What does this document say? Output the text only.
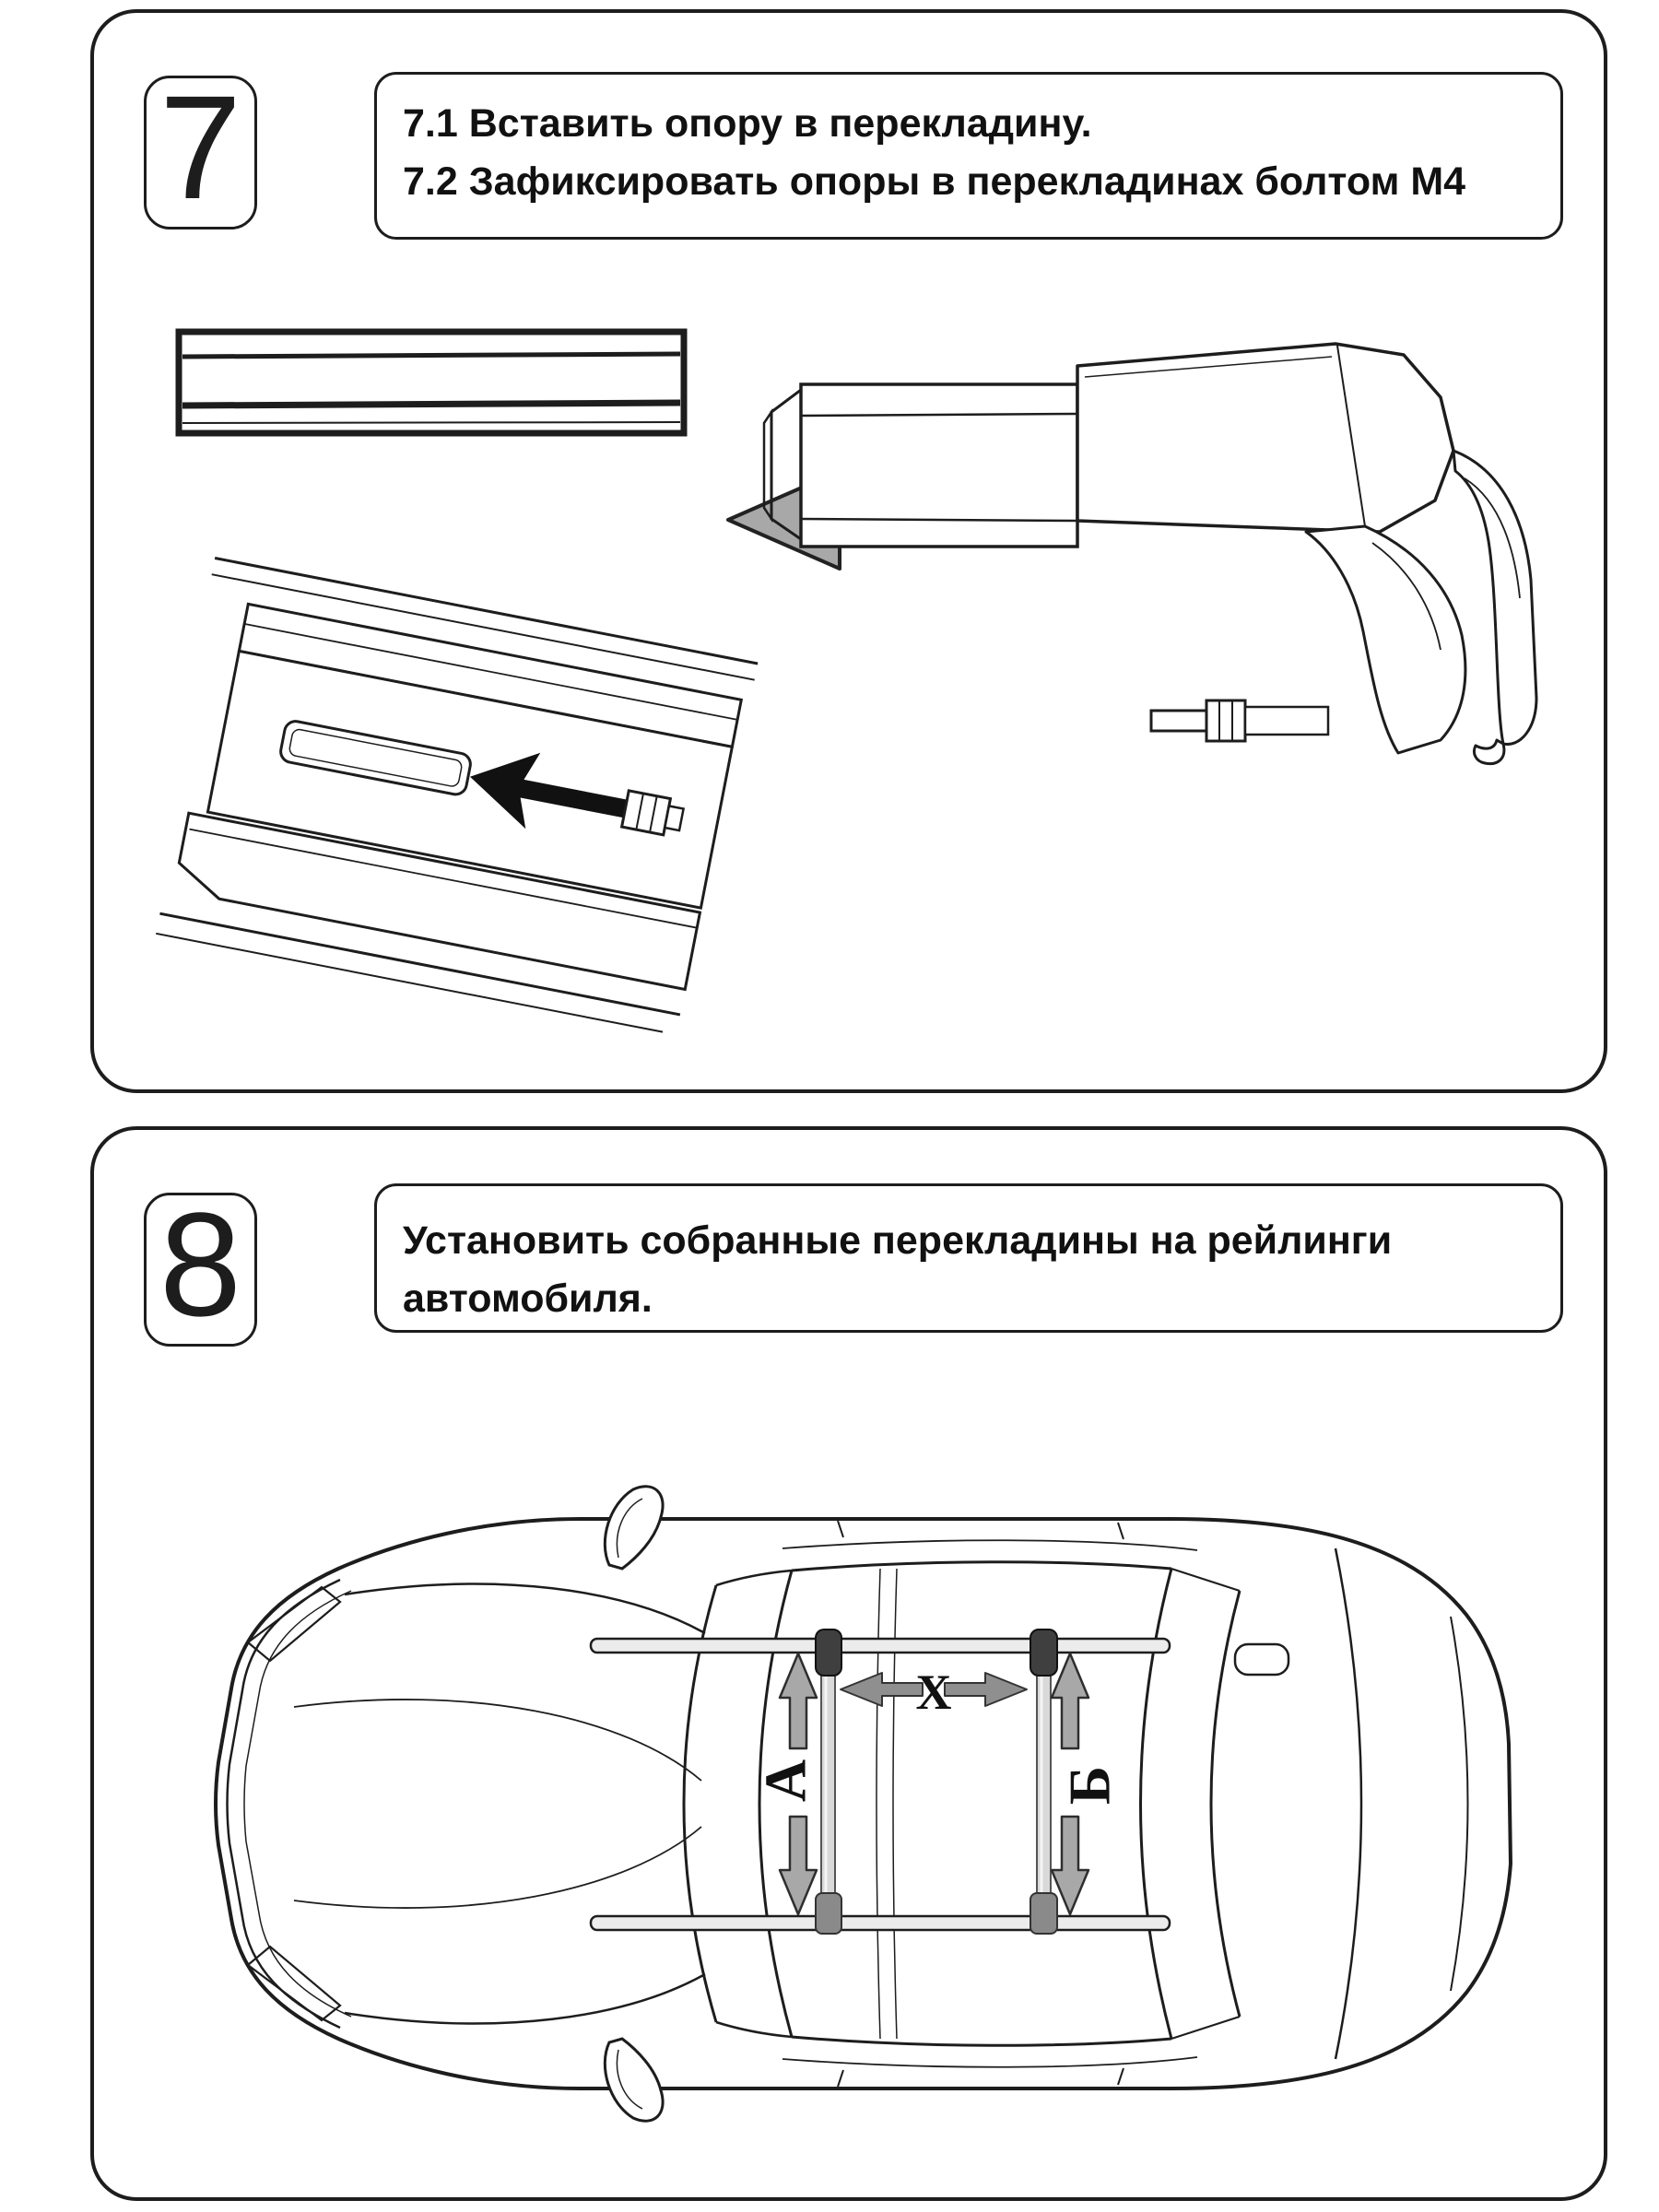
7	7.1 Вставить опору в перекладину.
7.2 Зафиксировать опоры в перекладинах болтом М4
8	Установить собранные перекладины на рейлинги
автомобиля.
А	Б
X
